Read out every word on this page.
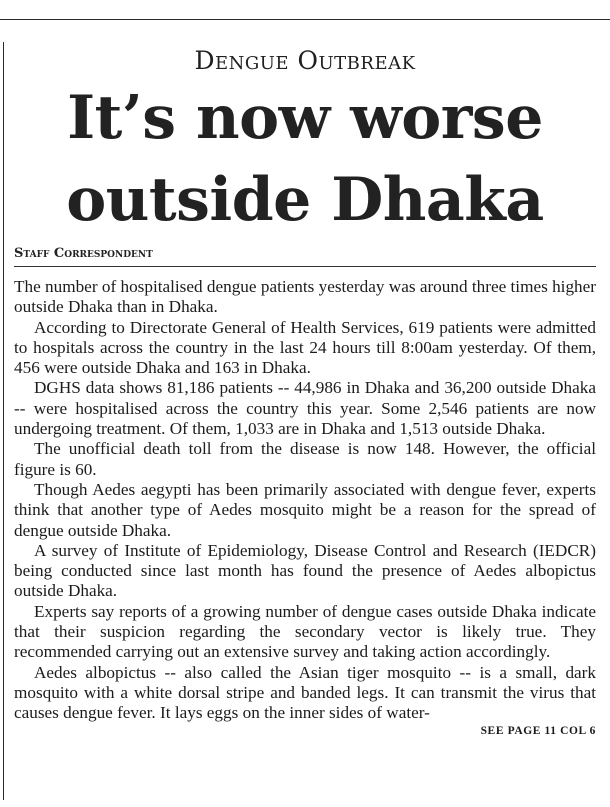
Dengue Outbreak
It’s now worse
outside Dhaka
Staff Correspondent

The number of hospitalised dengue patients yesterday was around three times higher outside Dhaka than in Dhaka.

According to Directorate General of Health Services, 619 patients were admitted to hospitals across the country in the last 24 hours till 8:00am yesterday. Of them, 456 were outside Dhaka and 163 in Dhaka.

DGHS data shows 81,186 patients -- 44,986 in Dhaka and 36,200 outside Dhaka -- were hospitalised across the country this year. Some 2,546 patients are now undergoing treatment. Of them, 1,033 are in Dhaka and 1,513 outside Dhaka.

The unofficial death toll from the disease is now 148. However, the official figure is 60.

Though Aedes aegypti has been primarily associated with dengue fever, experts think that another type of Aedes mosquito might be a reason for the spread of dengue outside Dhaka.

A survey of Institute of Epidemiology, Disease Control and Research (IEDCR) being conducted since last month has found the presence of Aedes albopictus outside Dhaka.

Experts say reports of a growing number of dengue cases outside Dhaka indicate that their suspicion regarding the secondary vector is likely true. They recommended carrying out an extensive survey and taking action accordingly.

Aedes albopictus -- also called the Asian tiger mosquito -- is a small, dark mosquito with a white dorsal stripe and banded legs. It can transmit the virus that causes dengue fever. It lays eggs on the inner sides of water-

SEE PAGE 11 COL 6
